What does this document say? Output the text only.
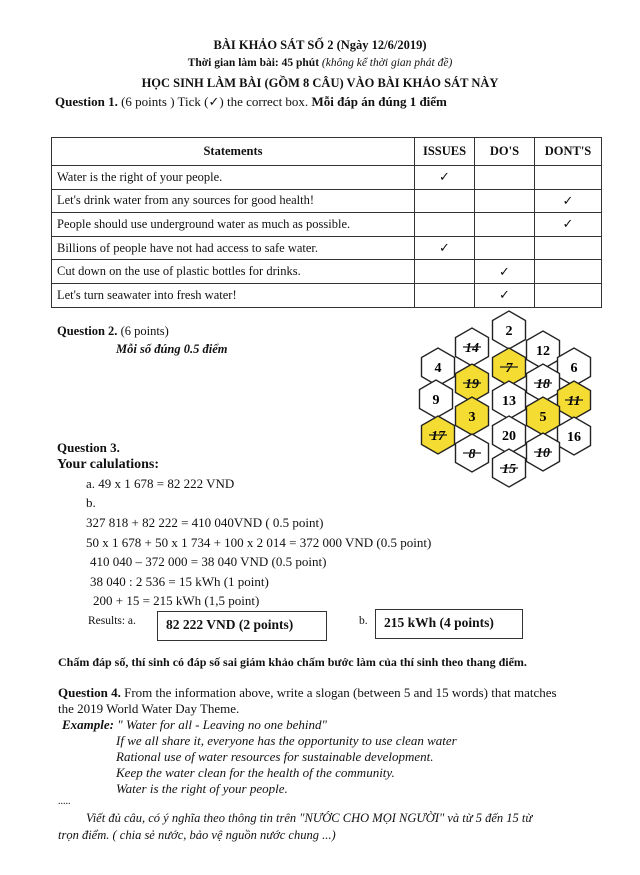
BÀI KHẢO SÁT SỐ 2 (Ngày 12/6/2019)
Thời gian làm bài: 45 phút (không kể thời gian phát đề)
HỌC SINH LÀM BÀI (GỒM 8 CÂU) VÀO BÀI KHẢO SÁT NÀY
Question 1. (6 points ) Tick (✓) the correct box. Mỗi đáp án đúng 1 điểm
Statements	ISSUES	DO'S	DONT'S
Water is the right of your people.	✓		
Let's drink water from any sources for good health!			✓
People should use underground water as much as possible.			✓
Billions of people have not had access to safe water.	✓		
Cut down on the use of plastic bottles for drinks.		✓	
Let's turn seawater into fresh water!		✓	
Question 2. (6 points)
Mỗi số đúng 0.5 điểm
2
14	12
4	7	6
19	18
9	13	11
3	5
17	20	16
8	10
15
Question 3.
Your calulations:
a. 49 x 1 678 = 82 222 VND
b.
327 818 + 82 222 = 410 040VND ( 0.5 point)
50 x 1 678 + 50 x 1 734 + 100 x 2 014 = 372 000 VND (0.5 point)
410 040 – 372 000 = 38 040 VND (0.5 point)
38 040 : 2 536 = 15 kWh (1 point)
200 + 15 = 215 kWh (1,5 point)
Results: a.	82 222 VND (2 points)	b.	215 kWh (4 points)
Chấm đáp số, thí sinh có đáp số sai giám khảo chấm bước làm của thí sinh theo thang điểm.
Question 4. From the information above, write a slogan (between 5 and 15 words) that matches
the 2019 World Water Day Theme.
Example: " Water for all - Leaving no one behind"
If we all share it, everyone has the opportunity to use clean water
Rational use of water resources for sustainable development.
Keep the water clean for the health of the community.
Water is the right of your people.
.....
Viết đủ câu, có ý nghĩa theo thông tin trên "NƯỚC CHO MỌI NGƯỜI" và từ 5 đến 15 từ
trọn điểm. ( chia sẻ nước, bảo vệ nguồn nước chung ...)
